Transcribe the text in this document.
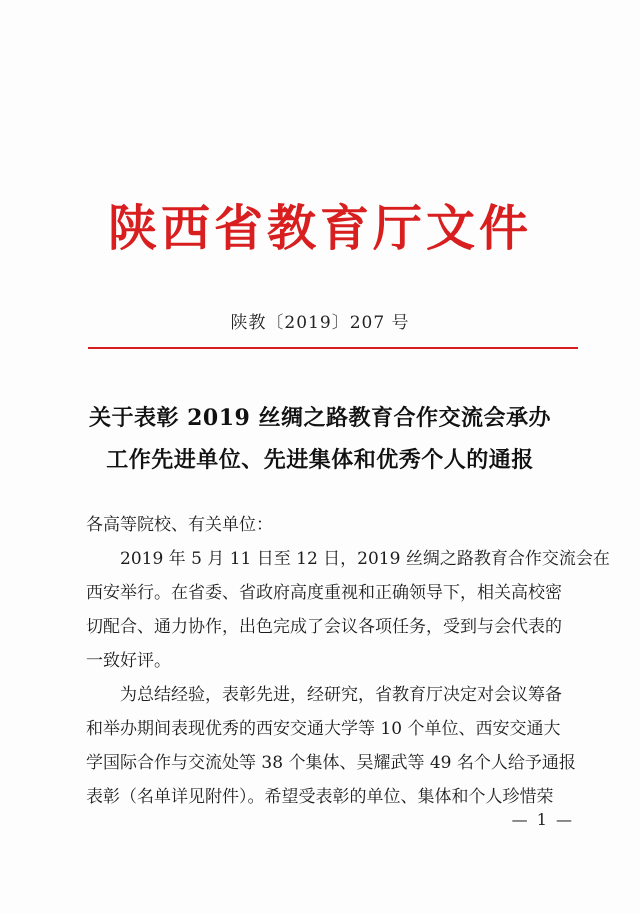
陕西省教育厅文件
陕教〔2019〕207 号
关于表彰 2019 丝绸之路教育合作交流会承办
工作先进单位、先进集体和优秀个人的通报
各高等院校、有关单位：

2019 年 5 月 11 日至 12 日，2019 丝绸之路教育合作交流会在
西安举行。在省委、省政府高度重视和正确领导下，相关高校密
切配合、通力协作，出色完成了会议各项任务，受到与会代表的
一致好评。

为总结经验，表彰先进，经研究，省教育厅决定对会议筹备
和举办期间表现优秀的西安交通大学等 10 个单位、西安交通大
学国际合作与交流处等 38 个集体、吴耀武等 49 名个人给予通报
表彰（名单详见附件）。希望受表彰的单位、集体和个人珍惜荣

— 1 —
